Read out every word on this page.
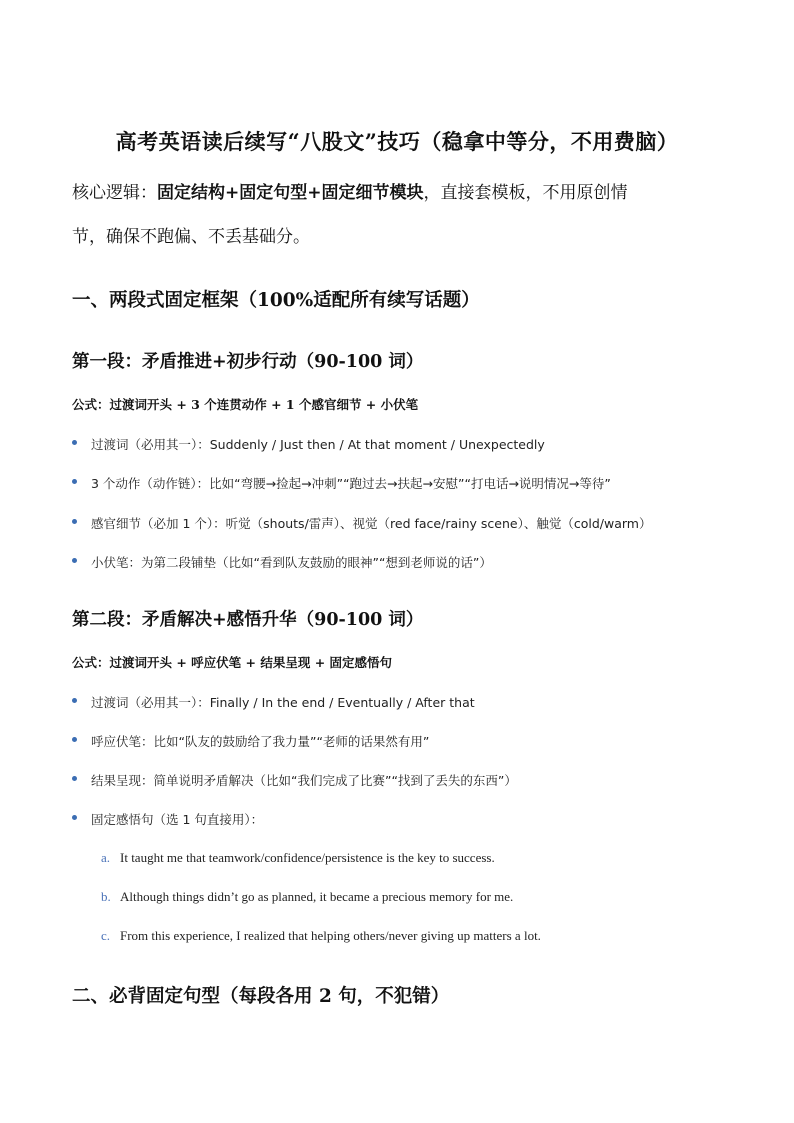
高考英语读后续写“八股文”技巧（稳拿中等分，不用费脑）
核心逻辑：固定结构+固定句型+固定细节模块，直接套模板，不用原创情
节，确保不跑偏、不丢基础分。
一、两段式固定框架（100%适配所有续写话题）
第一段：矛盾推进+初步行动（90-100 词）
公式：过渡词开头 + 3 个连贯动作 + 1 个感官细节 + 小伏笔
过渡词（必用其一）：Suddenly / Just then / At that moment / Unexpectedly
3 个动作（动作链）：比如“弯腰→捡起→冲刺”“跑过去→扶起→安慰”“打电话→说明情况→等待”
感官细节（必加 1 个）：听觉（shouts/雷声）、视觉（red face/rainy scene）、触觉（cold/warm）
小伏笔：为第二段铺垫（比如“看到队友鼓励的眼神”“想到老师说的话”）
第二段：矛盾解决+感悟升华（90-100 词）
公式：过渡词开头 + 呼应伏笔 + 结果呈现 + 固定感悟句
过渡词（必用其一）：Finally / In the end / Eventually / After that
呼应伏笔：比如“队友的鼓励给了我力量”“老师的话果然有用”
结果呈现：简单说明矛盾解决（比如“我们完成了比赛”“找到了丢失的东西”）
固定感悟句（选 1 句直接用）：
a. It taught me that teamwork/confidence/persistence is the key to success.
b. Although things didn’t go as planned, it became a precious memory for me.
c. From this experience, I realized that helping others/never giving up matters a lot.
二、必背固定句型（每段各用 2 句，不犯错）
